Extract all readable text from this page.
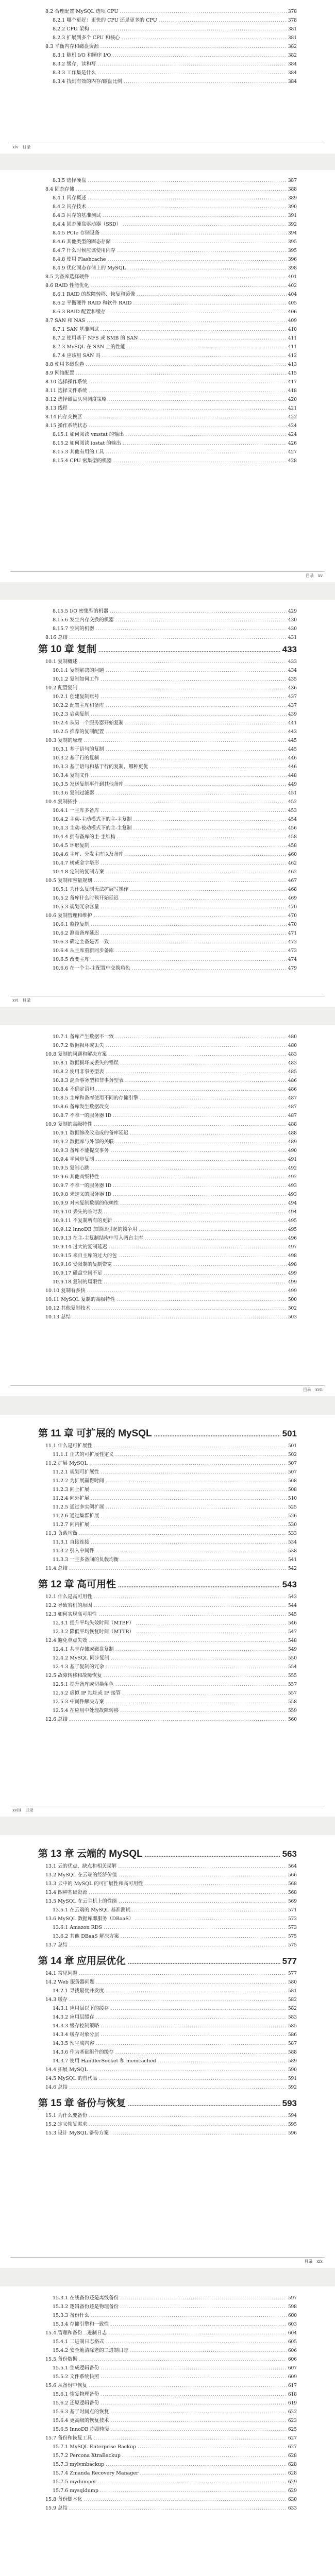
8.2 合理配置 MySQL 选项 CPU .....	378
8.2.1 哪个更好：更快的 CPU 还是更多的 CPU .....	378
8.2.2 CPU 架构 .....	381
8.2.3 扩展到多个 CPU 和核心 .....	381
8.3 平衡内存和磁盘资源 .....	382
8.3.1 随机 I/O 和顺序 I/O .....	382
8.3.2 缓存，读和写 .....	384
8.3.3 工作集是什么 .....	384
8.3.4 找到有效的内存/磁盘比例 .....	384
xiv	目录
8.3.5 选择硬盘 .....	387
8.4 固态存储 .....	388
8.4.1 闪存概述 .....	389
8.4.2 闪存技术 .....	390
8.4.3 闪存的基准测试 .....	391
8.4.4 固态硬盘驱动器（SSD） .....	392
8.4.5 PCIe 存储设备 .....	394
8.4.6 其他类型的固态存储 .....	395
8.4.7 什么时候应该使用闪存 .....	395
8.4.8 使用 Flashcache .....	396
8.4.9 优化固态存储上的 MySQL .....	398
8.5 为备库选择硬件 .....	401
8.6 RAID 性能优化 .....	402
8.6.1 RAID 的故障转移、恢复和镜像 .....	404
8.6.2 平衡硬件 RAID 和软件 RAID .....	405
8.6.3 RAID 配置和缓存 .....	406
8.7 SAN 和 NAS .....	409
8.7.1 SAN 基准测试 .....	410
8.7.2 使用基于 NFS 或 SMB 的 SAN .....	411
8.7.3 MySQL 在 SAN 上的性能 .....	411
8.7.4 应该用 SAN 吗 .....	412
8.8 使用多磁盘卷 .....	413
8.9 网络配置 .....	415
8.10 选择操作系统 .....	417
8.11 选择文件系统 .....	418
8.12 选择磁盘队列调度策略 .....	420
8.13 线程 .....	421
8.14 内存交换区 .....	422
8.15 操作系统状态 .....	424
8.15.1 如何阅读 vmstat 的输出 .....	424
8.15.2 如何阅读 iostat 的输出 .....	426
8.15.3 其他有用的工具 .....	427
8.15.4 CPU 密集型的机器 .....	428
目录	xv
8.15.5 I/O 密集型的机器 .....	429
8.15.6 发生内存交换的机器 .....	430
8.15.7 空闲的机器 .....	430
8.16 总结 .....	431
第 10 章 复制 .....	433
10.1 复制概述 .....	433
10.1.1 复制解决的问题 .....	434
10.1.2 复制如何工作 .....	435
10.2 配置复制 .....	436
10.2.1 创建复制账号 .....	437
10.2.2 配置主库和备库 .....	437
10.2.3 启动复制 .....	439
10.2.4 从另一个服务器开始复制 .....	441
10.2.5 推荐的复制配置 .....	443
10.3 复制的原理 .....	445
10.3.1 基于语句的复制 .....	445
10.3.2 基于行的复制 .....	446
10.3.3 基于语句和基于行的复制，哪种更优 .....	446
10.3.4 复制文件 .....	448
10.3.5 发送复制事件到其他备库 .....	449
10.3.6 复制过滤器 .....	451
10.4 复制拓扑 .....	452
10.4.1 一主库多备库 .....	453
10.4.2 主动-主动模式下的主-主复制 .....	454
10.4.3 主动-被动模式下的主-主复制 .....	456
10.4.4 拥有备库的主-主结构 .....	458
10.4.5 环形复制 .....	458
10.4.6 主库、分发主库以及备库 .....	460
10.4.7 树或金字塔形 .....	462
10.4.8 定制的复制方案 .....	462
10.5 复制和容量规划 .....	467
10.5.1 为什么复制无法扩展写操作 .....	468
10.5.2 备库什么时候开始延迟 .....	469
10.5.3 规划冗余容量 .....	470
10.6 复制管理和维护 .....	470
10.6.1 监控复制 .....	470
10.6.2 测量备库延迟 .....	471
10.6.3 确定主备是否一致 .....	472
10.6.4 从主库重新同步备库 .....	473
10.6.5 改变主库 .....	474
10.6.6 在一个主-主配置中交换角色 .....	479
xvi	目录
10.7.1 备库产生数据不一致 .....	480
10.7.2 数据损坏或丢失 .....	480
10.8 复制的问题和解决方案 .....	483
10.8.1 数据损坏或丢失的错误 .....	483
10.8.2 使用非事务型表 .....	485
10.8.3 混合事务型和非事务型表 .....	486
10.8.4 不确定语句 .....	486
10.8.5 主库和备库使用不同的存储引擎 .....	487
10.8.6 备库发生数据改变 .....	487
10.8.7 不唯一的服务器 ID .....	487
10.9 复制的高级特性 .....	488
10.9.1 数据修改改造成的备库延迟 .....	488
10.9.2 数据库与外部的关联 .....	489
10.9.3 备库不能提交事务 .....	490
10.9.4 半同步复制 .....	491
10.9.5 复制心跳 .....	492
10.9.6 其他高级特性 .....	492
10.9.7 不唯一的服务器 ID .....	493
10.9.8 未定义的服务器 ID .....	493
10.9.9 对未复制数据的依赖性 .....	494
10.9.10 丢失的临时表 .....	494
10.9.11 不复制所有的更新 .....	495
10.9.12 InnoDB 加锁读引起的锁争用 .....	495
10.9.13 在主-主复制结构中写入两台主库 .....	496
10.9.14 过大的复制延迟 .....	497
10.9.15 来自主库的过大的包 .....	498
10.9.16 受限制的复制带宽 .....	498
10.9.17 磁盘空间不足 .....	499
10.9.18 复制的局限性 .....	499
10.10 复制有多快 .....	499
10.11 MySQL 复制的高级特性 .....	500
10.12 其他复制技术 .....	502
10.13 总结 .....	503
目录	xvii
第 11 章 可扩展的 MySQL .....	501
11.1 什么是可扩展性 .....	501
11.1.1 正式的可扩展性定义 .....	502
11.2 扩展 MySQL .....	507
11.2.1 规划可扩展性 .....	507
11.2.2 为扩展赢得时间 .....	508
11.2.3 向上扩展 .....	508
11.2.4 向外扩展 .....	510
11.2.5 通过多实例扩展 .....	525
11.2.6 通过集群扩展 .....	526
11.2.7 向内扩展 .....	530
11.3 负载均衡 .....	533
11.3.1 直接连接 .....	534
11.3.2 引入中间件 .....	538
11.3.3 一主多备间的负载均衡 .....	541
11.4 总结 .....	542
第 12 章 高可用性 .....	543
12.1 什么是高可用性 .....	543
12.2 导致宕机的原因 .....	544
12.3 如何实现高可用性 .....	545
12.3.1 提升平均失效时间（MTBF） .....	546
12.3.2 降低平均恢复时间（MTTR） .....	547
12.4 避免单点失效 .....	548
12.4.1 共享存储或磁盘复制 .....	549
12.4.2 MySQL 同步复制 .....	550
12.4.3 基于复制的冗余 .....	554
12.5 故障转移和故障恢复 .....	555
12.5.1 提升备库或切换角色 .....	557
12.5.2 虚拟 IP 地址或 IP 接管 .....	557
12.5.3 中间件解决方案 .....	558
12.5.4 在应用中处理故障转移 .....	559
12.6 总结 .....	560
xviii	目录
第 13 章 云端的 MySQL .....	563
13.1 云的优点、缺点和相关误解 .....	564
13.2 MySQL 在云端的经济价值 .....	566
13.3 云中的 MySQL 的可扩展性和高可用性 .....	568
13.4 四种基础资源 .....	568
13.5 MySQL 在云主机上的性能 .....	569
13.5.1 在云端的 MySQL 基准测试 .....	571
13.6 MySQL 数据库即服务（DBaaS） .....	572
13.6.1 Amazon RDS .....	573
13.6.2 其他 DBaaS 解决方案 .....	575
13.7 总结 .....	575
第 14 章 应用层优化 .....	577
14.1 常见问题 .....	577
14.2 Web 服务器问题 .....	580
14.2.1 寻找最优并发度 .....	581
14.3 缓存 .....	582
14.3.1 应用层以下的缓存 .....	582
14.3.2 应用层缓存 .....	583
14.3.3 缓存控制策略 .....	585
14.3.4 缓存对象分层 .....	586
14.3.5 预生成内容 .....	587
14.3.6 作为基础组件的缓存 .....	588
14.3.7 使用 HandlerSocket 和 memcached .....	589
14.4 拓展 MySQL .....	590
14.5 MySQL 的替代品 .....	591
14.6 总结 .....	592
第 15 章 备份与恢复 .....	593
15.1 为什么要备份 .....	594
15.2 定义恢复需求 .....	595
15.3 设计 MySQL 备份方案 .....	596
目录	xix
15.3.1 在线备份还是离线备份 .....	597
15.3.2 逻辑备份还是物理备份 .....	598
15.3.3 备份什么 .....	600
15.3.4 存储引擎和一致性 .....	603
15.4 管理和备份二进制日志 .....	604
15.4.1 二进制日志格式 .....	605
15.4.2 安全地清除老的二进制日志 .....	606
15.5 备份数据 .....	606
15.5.1 生成逻辑备份 .....	607
15.5.2 文件系统快照 .....	609
15.6 从备份中恢复 .....	617
15.6.1 恢复物理备份 .....	618
15.6.2 还原逻辑备份 .....	619
15.6.3 基于时间点的恢复 .....	622
15.6.4 更高级的恢复技术 .....	623
15.6.5 InnoDB 崩溃恢复 .....	625
15.7 备份和恢复工具 .....	627
15.7.1 MySQL Enterprise Backup .....	627
15.7.2 Percona XtraBackup .....	628
15.7.3 mylvmbackup .....	628
15.7.4 Zmanda Recovery Manager .....	628
15.7.5 mydumper .....	629
15.7.6 mysqldump .....	629
15.8 备份脚本化 .....	630
15.9 总结 .....	633
